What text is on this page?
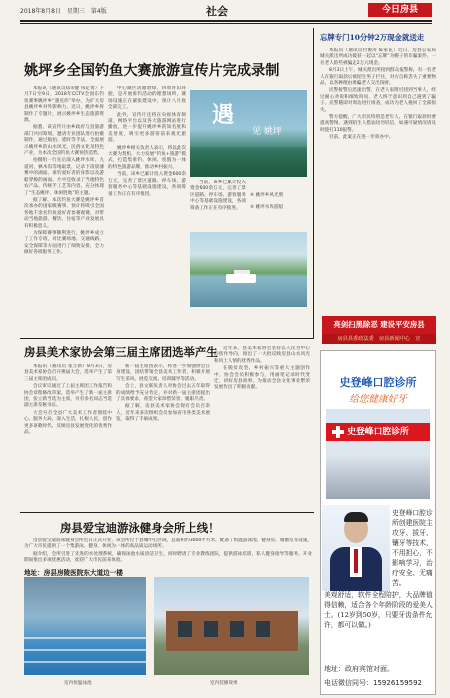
2018年8月8日　星期三　第4版	社会	今日房县
姚坪乡全国钓鱼大赛旅游宣传片完成录制

本报讯（通讯员郑荣健 钱定勇）下月7日至9日，2018年CCTV全国东钓鱼赛事姚坪乡“遇见你”举办，为扩大房县姚坪乡对外影响力，近日，姚坪乡将制作了专题片，展示姚坪乡生态旅游资源。

据悉，该宣传片由乡政府与县旅游部门共同筹划，邀请专业团队进行拍摄制作，通过航拍、延时等手法，全面展示姚坪乡的山水风光、民俗文化及特色产业，为本次全国钓鱼大赛预热造势。

拍摄组一行先后深入姚坪水库、九道河、枫木沟等地取景，记录下清晨薄雾中的湖面、垂钓爱好者的身影以及游船穿梭的画面。片中还收录了当地特色农产品、传统手工艺等内容，充分体现了“生态姚坪、休闲胜地”的主题。

据了解，本次钓鱼大赛是姚坪乡首次承办的国家级赛事，预计将吸引全国各地千余名钓鱼爱好者参赛观赛，对带动当地旅游、餐饮、住宿等产业发展具有积极意义。

为保障赛事顺利进行，姚坪乡成立了工作专班，对比赛场地、交通线路、安全保障等方面进行了细致安排，全力做好各项服务工作。

中心湖区清澈碧绿，四周青山环抱，是开展垂钓活动的理想场所，赛场设施正在紧张建设中，预计八月底全部完工。

此外，宣传片还将在央视体育频道、网络平台以及各大旅游网站进行播放，进一步提升姚坪乡的知名度和美誉度，吸引更多游客前来观光旅游。

姚坪乡相关负责人表示，将以此次大赛为契机，大力发展“钓鱼+旅游”模式，打造集垂钓、休闲、度假为一体的特色旅游品牌，推动乡村振兴。

当前，该乡已累计投入资金600余万元，完善了景区道路、停车场、游客服务中心等基础设施建设，各项筹备工作正在有序推进。

遇
见 姚坪
④ 姚坪乡风光照

当前，该乡已累计投入资金600余万元，完善了景区道路、停车场、游客服务中心等基础设施建设，各项筹备工作正在有序推进。	⑤ 姚坪水库游船
忘牌专门10分钟2万现金就送走

本报讯（通讯员付俊涛 陈家花）近日，房县公安局城关派出所成功破获一起以“忘牌”为幌子的诈骗案件，一名老人险些被骗走2万元现金。

8月3日上午，城关派出所接到群众报警称，有一名老人在银行取款后被陌生男子拦住，对方自称丢失了重要物品，以各种理由诱骗老人交出钱财。

民警接警后迅速出警，在老人家附近找到当事人，经过耐心劝说和细致询问，老人终于意识到自己遇到了骗子。民警随即对周边进行排查，成功为老人挽回了全部损失。

警方提醒，广大市民特别是老年人，在银行取款时要提高警惕，遇到陌生人搭讪切勿轻信，如遇可疑情况请及时拨打110报警。

目前，此案正在进一步侦办中。

亮剑扫黑除恶 建设平安房县
房县县委政法委　房县新闻中心　宣
房县美术家协会第三届主席团选举产生

本报讯（通讯员 张立新）8月3日，房县美术家协会召开换届大会，选举产生了第三届主席团成员。

会议审议通过了上届主席团工作报告和协会章程修改草案，选举产生了新一届主席团，张立新当选为主席，另有多名同志当选副主席及秘书长。

大会号召全县广大美术工作者围绕中心、服务大局，深入生活，扎根人民，创作更多讴歌时代、反映房县发展变化的优秀作品。

新一届主席团表示，将进一步加强协会自身建设，团结带领全县美术工作者，积极开展写生采风、展览交流、培训辅导等活动。

会上，县文联负责人对协会过去五年取得的成绩给予充分肯定，并对新一届主席团提出了具体要求，希望大家珍惜荣誉、履职尽责。

据了解，房县美术家协会现有会员百余人，近年来多次组织会员参加省市各类美术展览，取得了丰硕成果。

近年来，县美术家协会坚持以人民为中心的创作导向，推出了一大批反映房县山水风光和风土人情的优秀作品。

在脱贫攻坚、乡村振兴等重大主题创作中，协会会员积极参与，用画笔记录时代变迁，讲好房县故事，为推动全县文化事业繁荣发展作出了积极贡献。

房县爱宝迪游泳健身会所上线！

房县爱宝迪游泳健身会所近日正式开业，该会所位于县城中心区域，总面积约3000平方米，配备了恒温游泳池、健身房、瑜伽室等设施，为广大市民提供了一个集游泳、健身、休闲为一体的高品质运动场所。

据介绍，会所引进了先进的水处理系统，确保泳池水质清洁卫生，同时聘请了专业教练团队，提供游泳培训、私人健身指导等服务。开业期间推出多项优惠活动，欢迎广大市民前来体验。

地址：房县房陵医院东大道边一楼
室内恒温泳池	室内装修效果
史登峰口腔诊所
给您健康好牙
史登峰口腔诊所
史登峰口腔诊所创建医院主攻牙、拔牙、镶牙等技术，不用担心，不影响学习，治疗安全、无痛苦。
美观舒适，软件全程陪护，大品牌值得信赖，适合各个年龄阶段的爱美人士。(12岁到50岁，只要牙齿条件允许，都可以做。)
地址：政府宾馆对面。
电话微信同号：15926159592
